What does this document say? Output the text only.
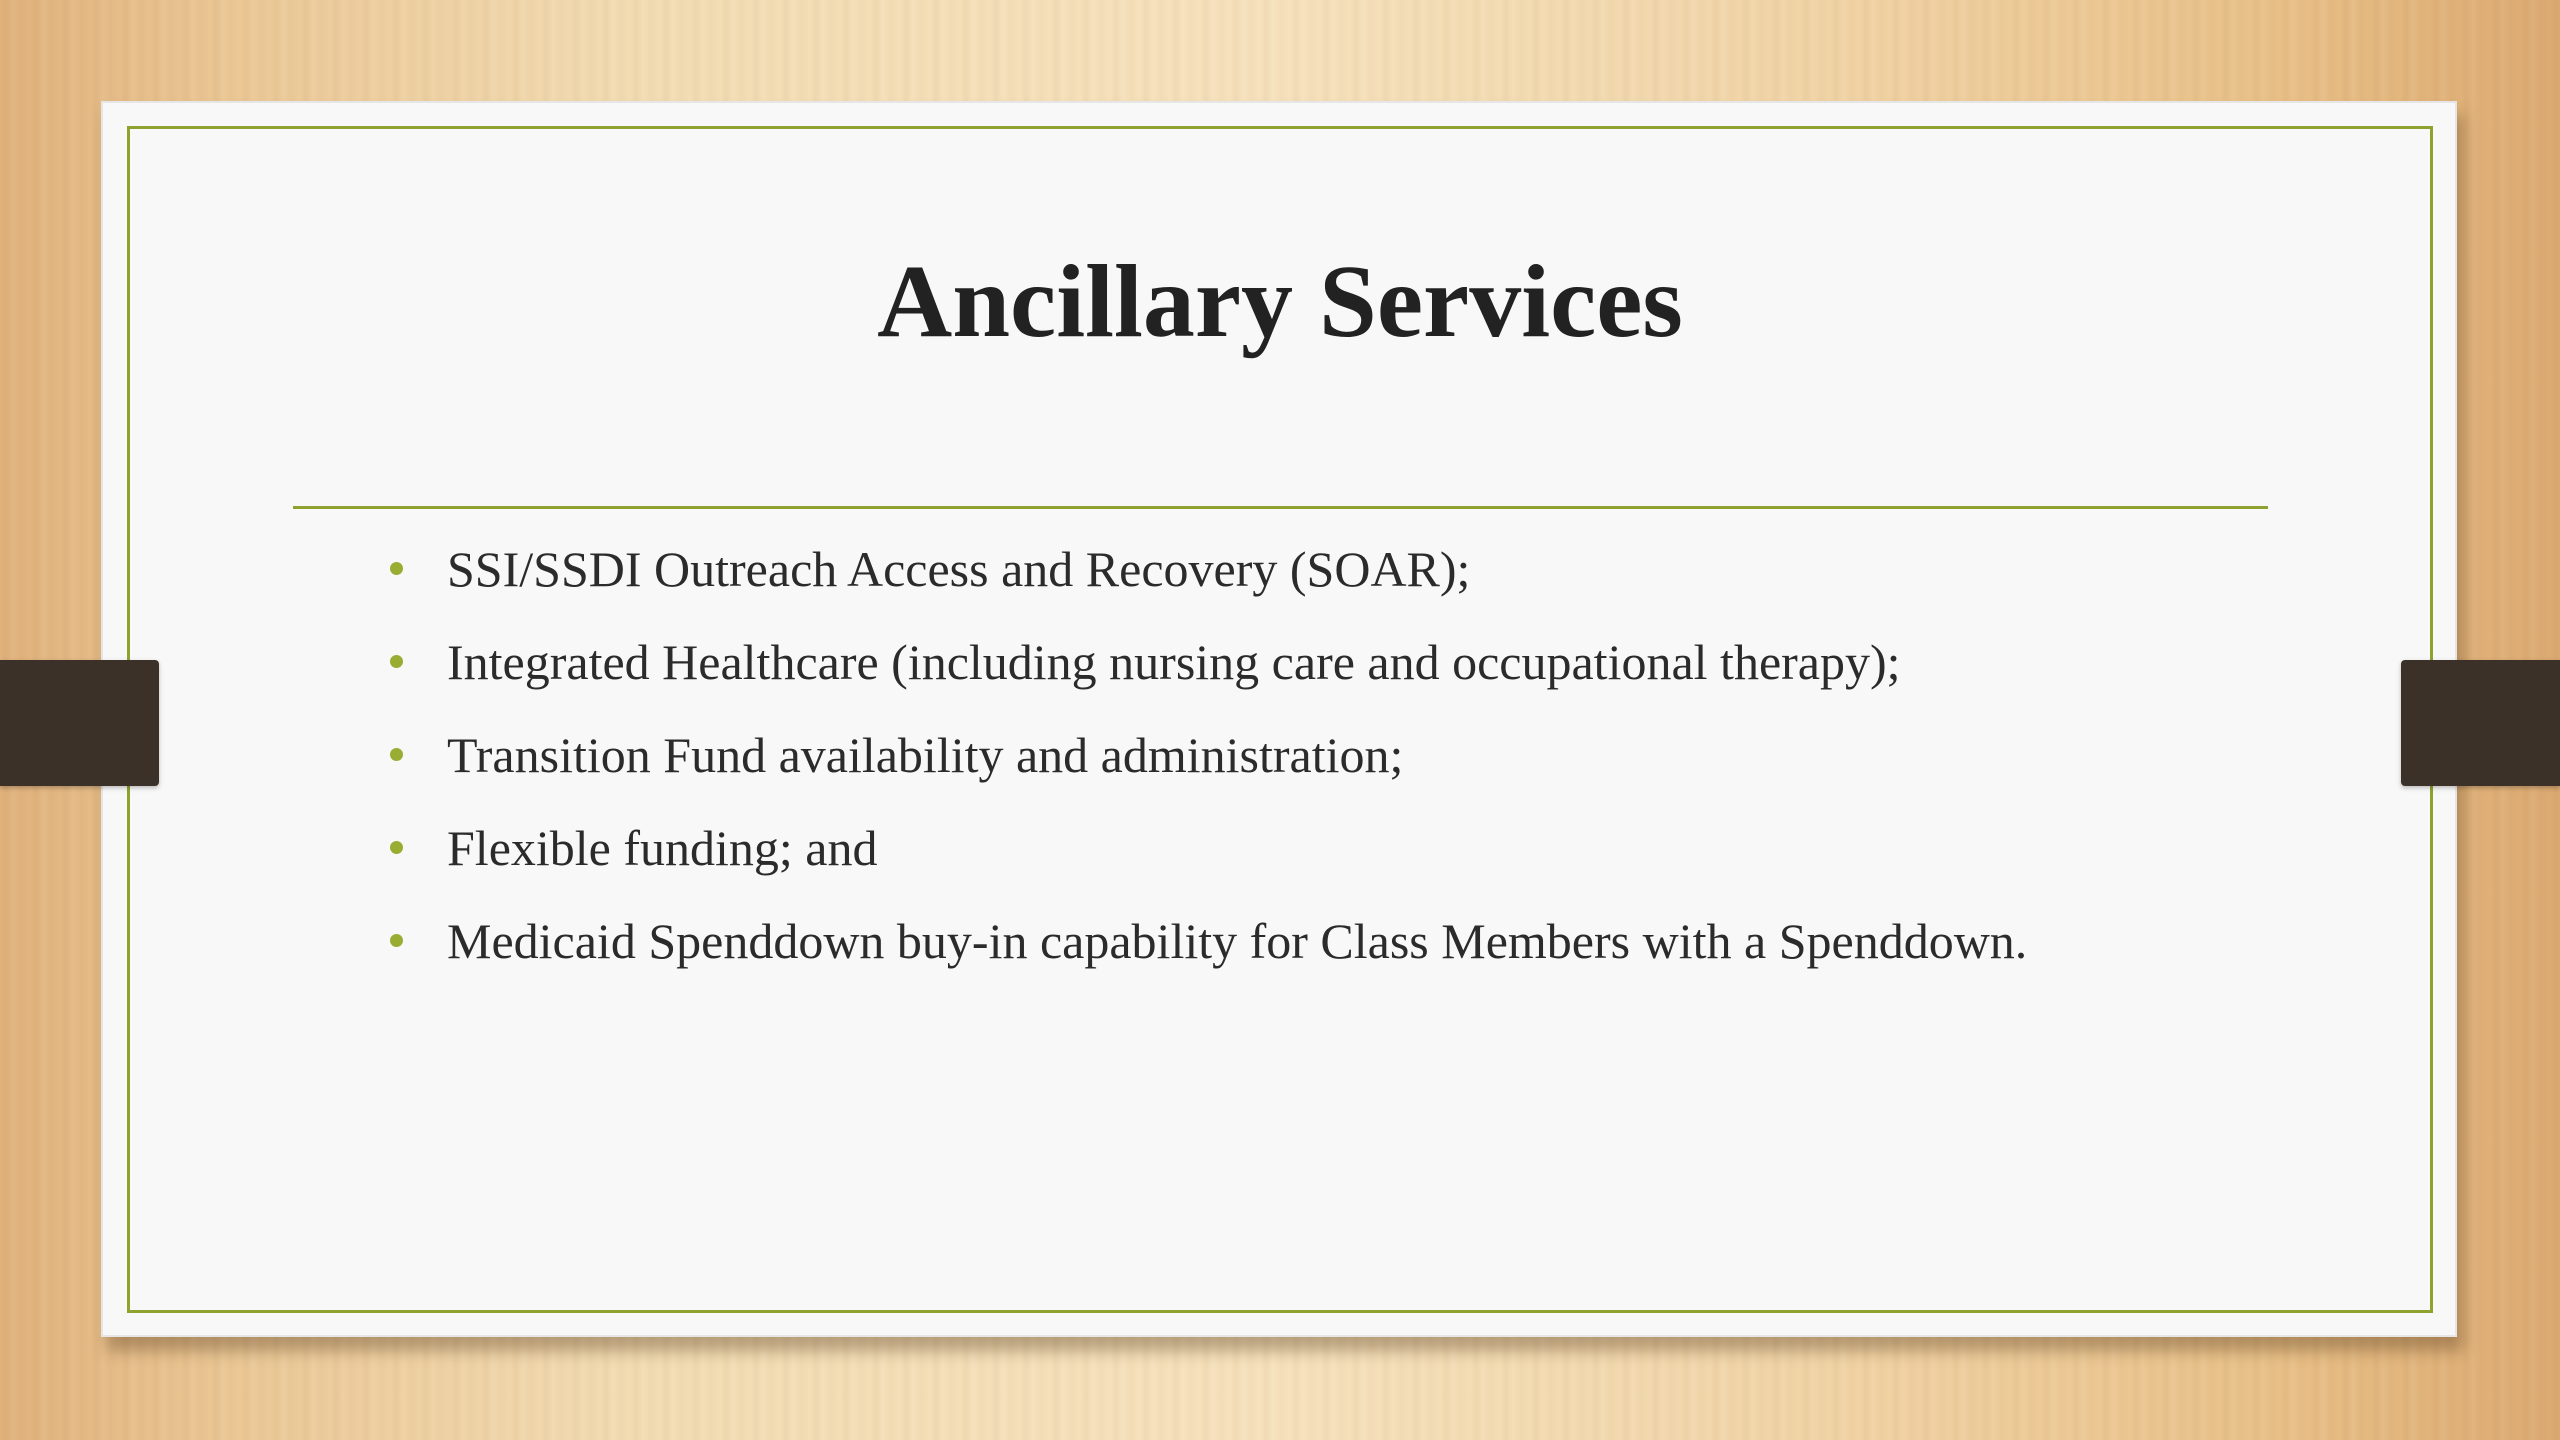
Ancillary Services
SSI/SSDI Outreach Access and Recovery (SOAR);
Integrated Healthcare (including nursing care and occupational therapy);
Transition Fund availability and administration;
Flexible funding; and
Medicaid Spenddown buy-in capability for Class Members with a Spenddown.
